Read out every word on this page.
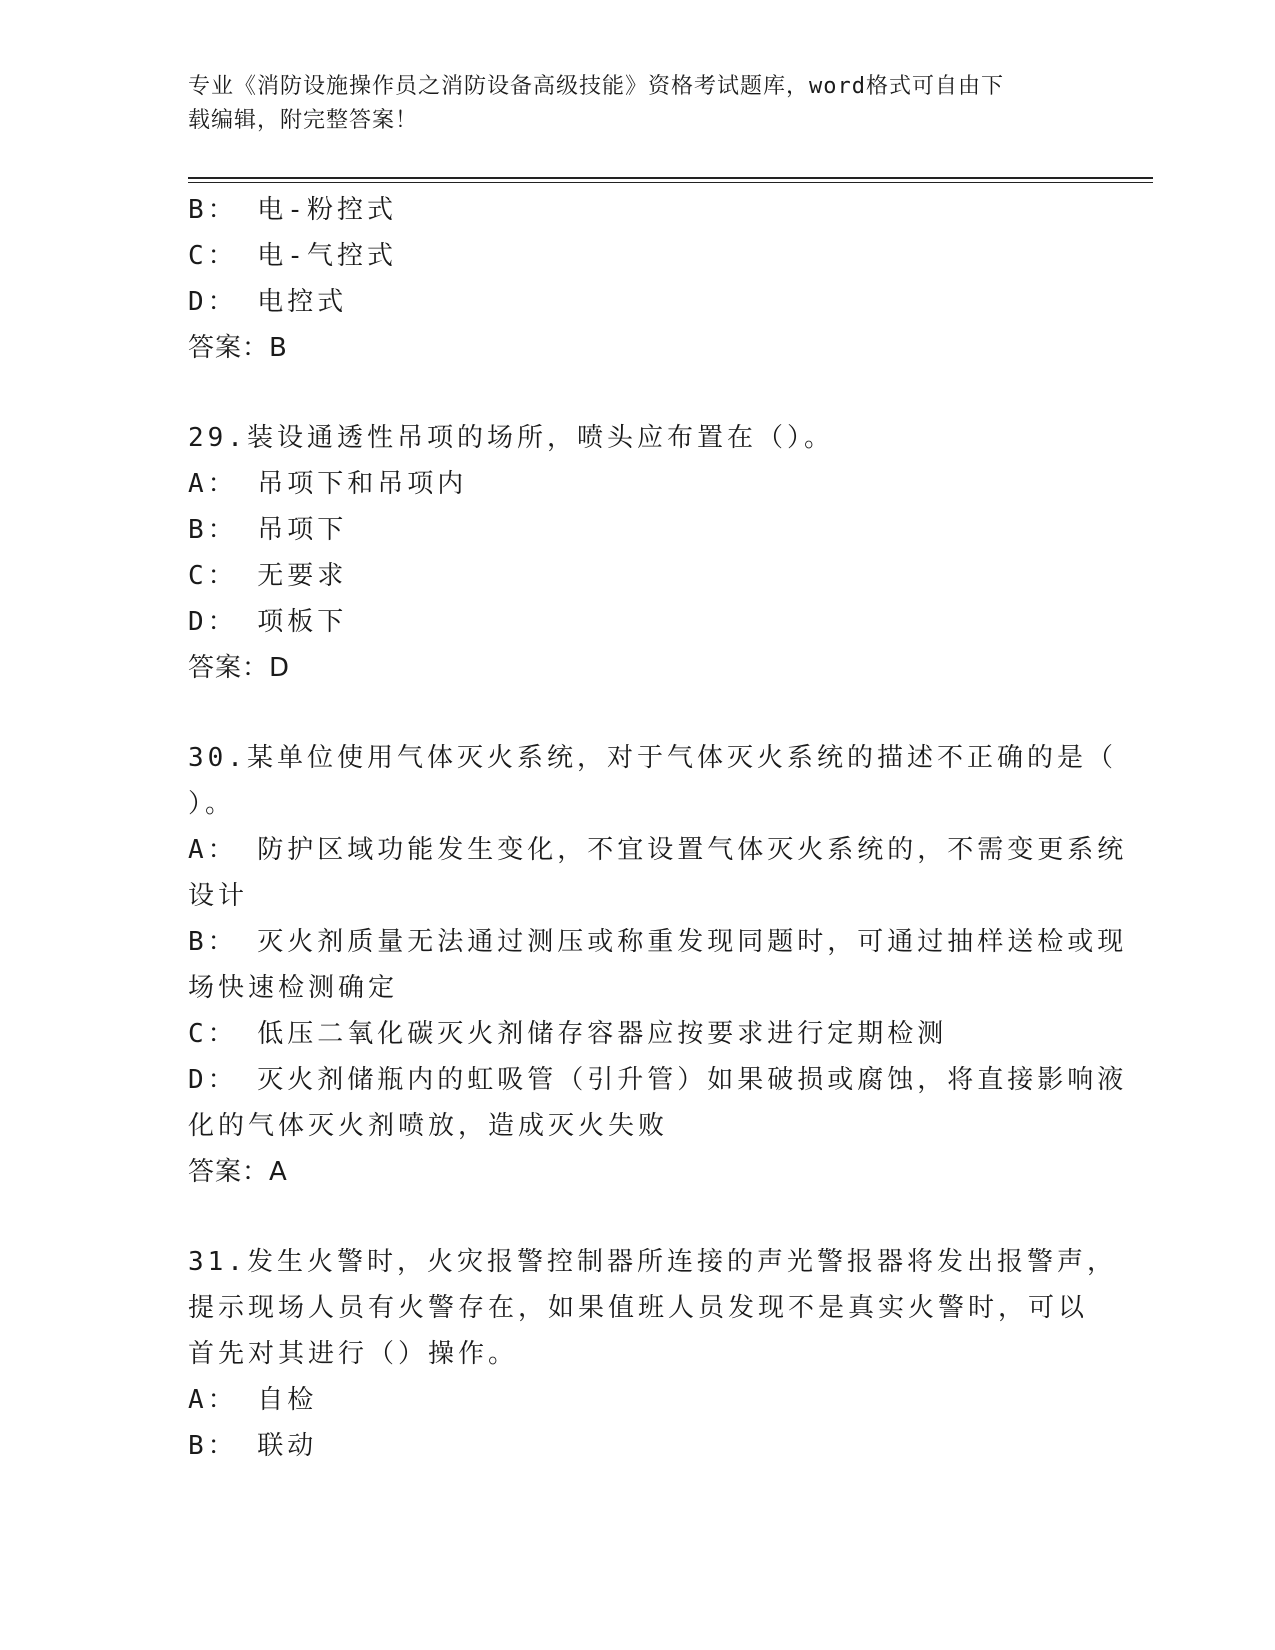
专业《消防设施操作员之消防设备高级技能》资格考试题库，word格式可自由下
载编辑，附完整答案！
B： 电-粉控式
C： 电-气控式
D： 电控式
答案：B
29.装设通透性吊项的场所，喷头应布置在（）。
A： 吊项下和吊项内
B： 吊项下
C： 无要求
D： 项板下
答案：D
30.某单位使用气体灭火系统，对于气体灭火系统的描述不正确的是（
）。
A： 防护区域功能发生变化，不宜设置气体灭火系统的，不需变更系统
设计
B： 灭火剂质量无法通过测压或称重发现同题时，可通过抽样送检或现
场快速检测确定
C： 低压二氧化碳灭火剂储存容器应按要求进行定期检测
D： 灭火剂储瓶内的虹吸管（引升管）如果破损或腐蚀，将直接影响液
化的气体灭火剂喷放，造成灭火失败
答案：A
31.发生火警时，火灾报警控制器所连接的声光警报器将发出报警声，
提示现场人员有火警存在，如果值班人员发现不是真实火警时，可以
首先对其进行（）操作。
A： 自检
B： 联动
